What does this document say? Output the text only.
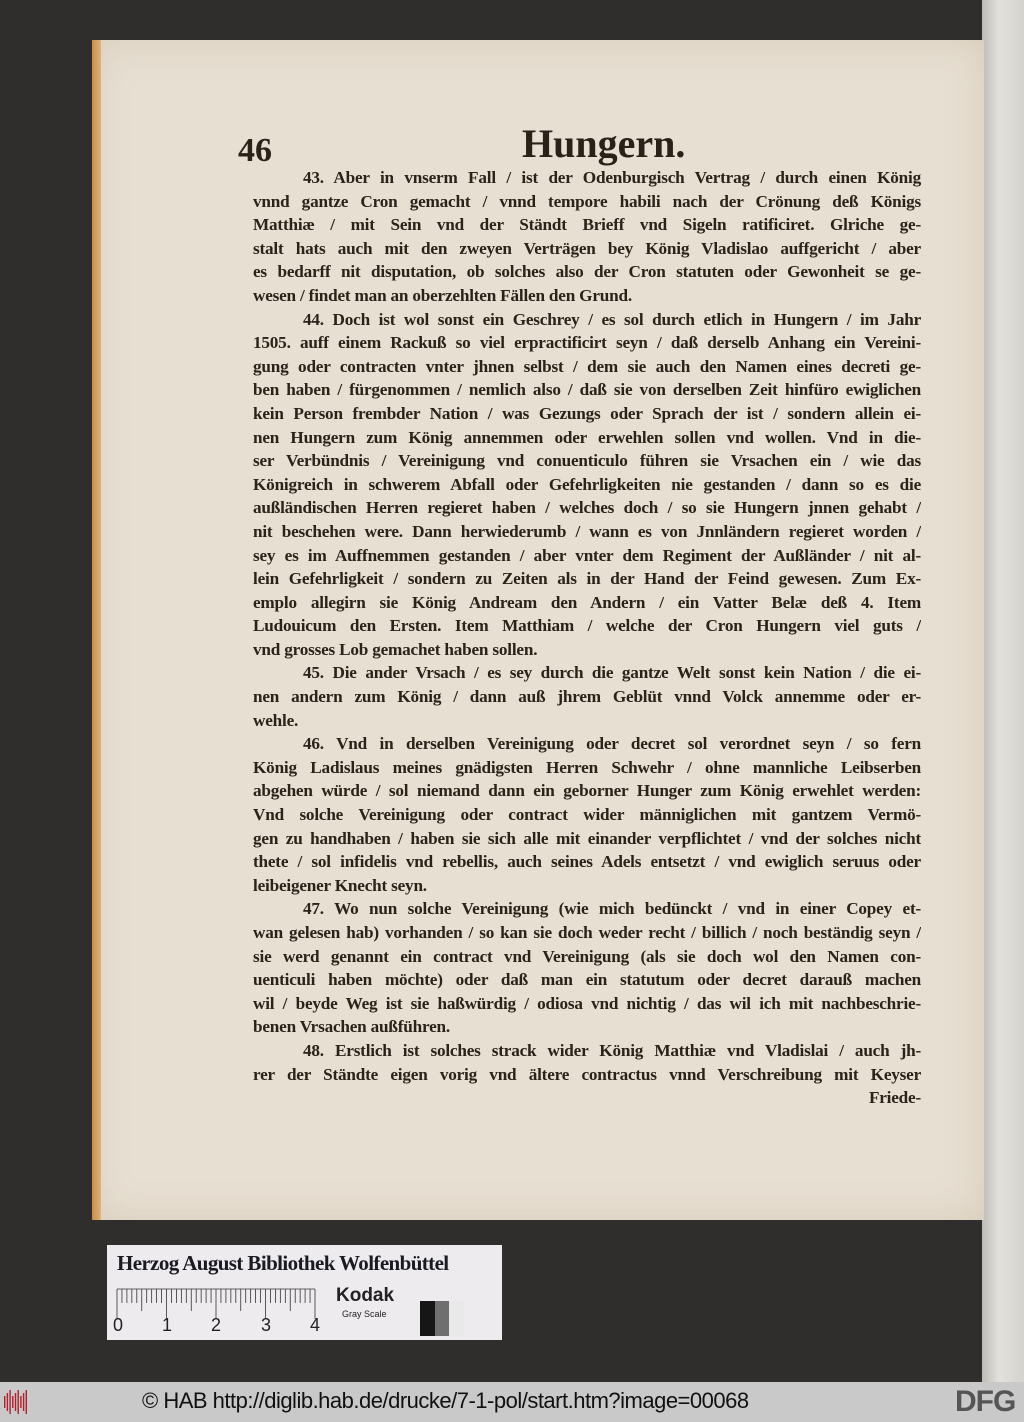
46	Hungern.
43. Aber in vnserm Fall / ist der Odenburgisch Vertrag / durch einen König
vnnd gantze Cron gemacht / vnnd tempore habili nach der Crönung deß Königs
Matthiæ / mit Sein vnd der Ständt Brieff vnd Sigeln ratificiret. Glriche ge-
stalt hats auch mit den zweyen Verträgen bey König Vladislao auffgericht / aber
es bedarff nit disputation, ob solches also der Cron statuten oder Gewonheit se ge-
wesen / findet man an oberzehlten Fällen den Grund.
44. Doch ist wol sonst ein Geschrey / es sol durch etlich in Hungern / im Jahr
1505. auff einem Rackuß so viel erpractificirt seyn / daß derselb Anhang ein Vereini-
gung oder contracten vnter jhnen selbst / dem sie auch den Namen eines decreti ge-
ben haben / fürgenommen / nemlich also / daß sie von derselben Zeit hinfüro ewiglichen
kein Person frembder Nation / was Gezungs oder Sprach der ist / sondern allein ei-
nen Hungern zum König annemmen oder erwehlen sollen vnd wollen. Vnd in die-
ser Verbündnis / Vereinigung vnd conuenticulo führen sie Vrsachen ein / wie das
Königreich in schwerem Abfall oder Gefehrligkeiten nie gestanden / dann so es die
außländischen Herren regieret haben / welches doch / so sie Hungern jnnen gehabt /
nit beschehen were. Dann herwiederumb / wann es von Jnnländern regieret worden /
sey es im Auffnemmen gestanden / aber vnter dem Regiment der Außländer / nit al-
lein Gefehrligkeit / sondern zu Zeiten als in der Hand der Feind gewesen. Zum Ex-
emplo allegirn sie König Andream den Andern / ein Vatter Belæ deß 4. Item
Ludouicum den Ersten. Item Matthiam / welche der Cron Hungern viel guts /
vnd grosses Lob gemachet haben sollen.
45. Die ander Vrsach / es sey durch die gantze Welt sonst kein Nation / die ei-
nen andern zum König / dann auß jhrem Geblüt vnnd Volck annemme oder er-
wehle.
46. Vnd in derselben Vereinigung oder decret sol verordnet seyn / so fern
König Ladislaus meines gnädigsten Herren Schwehr / ohne mannliche Leibserben
abgehen würde / sol niemand dann ein geborner Hunger zum König erwehlet werden:
Vnd solche Vereinigung oder contract wider männiglichen mit gantzem Vermö-
gen zu handhaben / haben sie sich alle mit einander verpflichtet / vnd der solches nicht
thete / sol infidelis vnd rebellis, auch seines Adels entsetzt / vnd ewiglich seruus oder
leibeigener Knecht seyn.
47. Wo nun solche Vereinigung (wie mich bedünckt / vnd in einer Copey et-
wan gelesen hab) vorhanden / so kan sie doch weder recht / billich / noch beständig seyn /
sie werd genannt ein contract vnd Vereinigung (als sie doch wol den Namen con-
uenticuli haben möchte) oder daß man ein statutum oder decret darauß machen
wil / beyde Weg ist sie haßwürdig / odiosa vnd nichtig / das wil ich mit nachbeschrie-
benen Vrsachen außführen.
48. Erstlich ist solches strack wider König Matthiæ vnd Vladislai / auch jh-
rer der Ständte eigen vorig vnd ältere contractus vnnd Verschreibung mit Keyser
Friede-
Herzog August Bibliothek Wolfenbüttel
0 1 2 3 4
Kodak
Gray Scale
© HAB http://diglib.hab.de/drucke/7-1-pol/start.htm?image=00068	DFG
